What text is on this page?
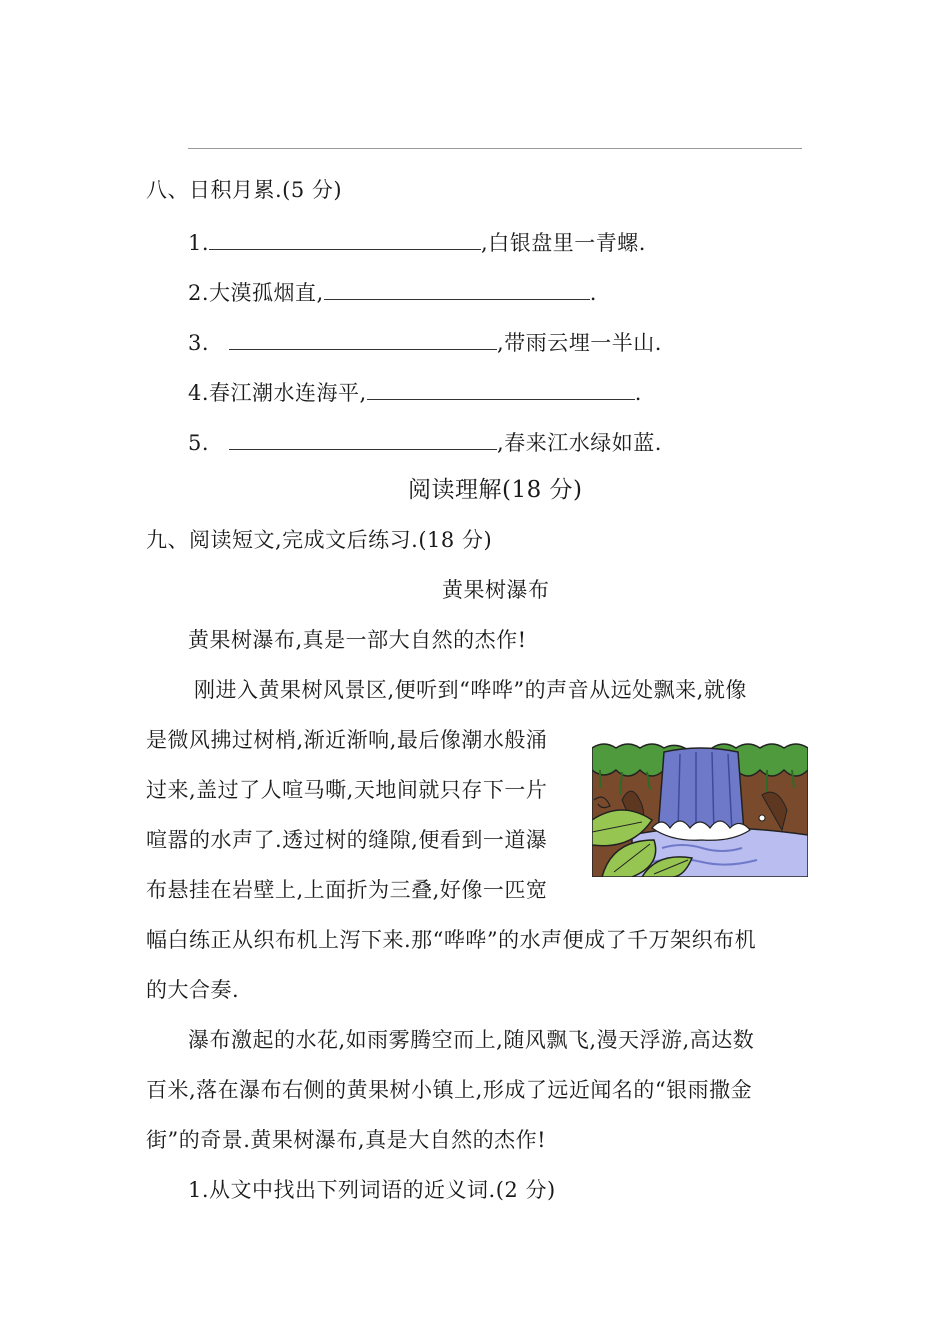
八、日积月累.(5 分)
1.	,白银盘里一青螺.
2.大漠孤烟直,	.
3.	,带雨云埋一半山.
4.春江潮水连海平,	.
5.	,春来江水绿如蓝.
阅读理解(18 分)
九、阅读短文,完成文后练习.(18 分)
黄果树瀑布
黄果树瀑布,真是一部大自然的杰作!
刚进入黄果树风景区,便听到“哗哗”的声音从远处飘来,就像
是微风拂过树梢,渐近渐响,最后像潮水般涌
过来,盖过了人喧马嘶,天地间就只存下一片
喧嚣的水声了.透过树的缝隙,便看到一道瀑
布悬挂在岩壁上,上面折为三叠,好像一匹宽
幅白练正从织布机上泻下来.那“哗哗”的水声便成了千万架织布机
的大合奏.
瀑布激起的水花,如雨雾腾空而上,随风飘飞,漫天浮游,高达数
百米,落在瀑布右侧的黄果树小镇上,形成了远近闻名的“银雨撒金
街”的奇景.黄果树瀑布,真是大自然的杰作!
1.从文中找出下列词语的近义词.(2 分)
